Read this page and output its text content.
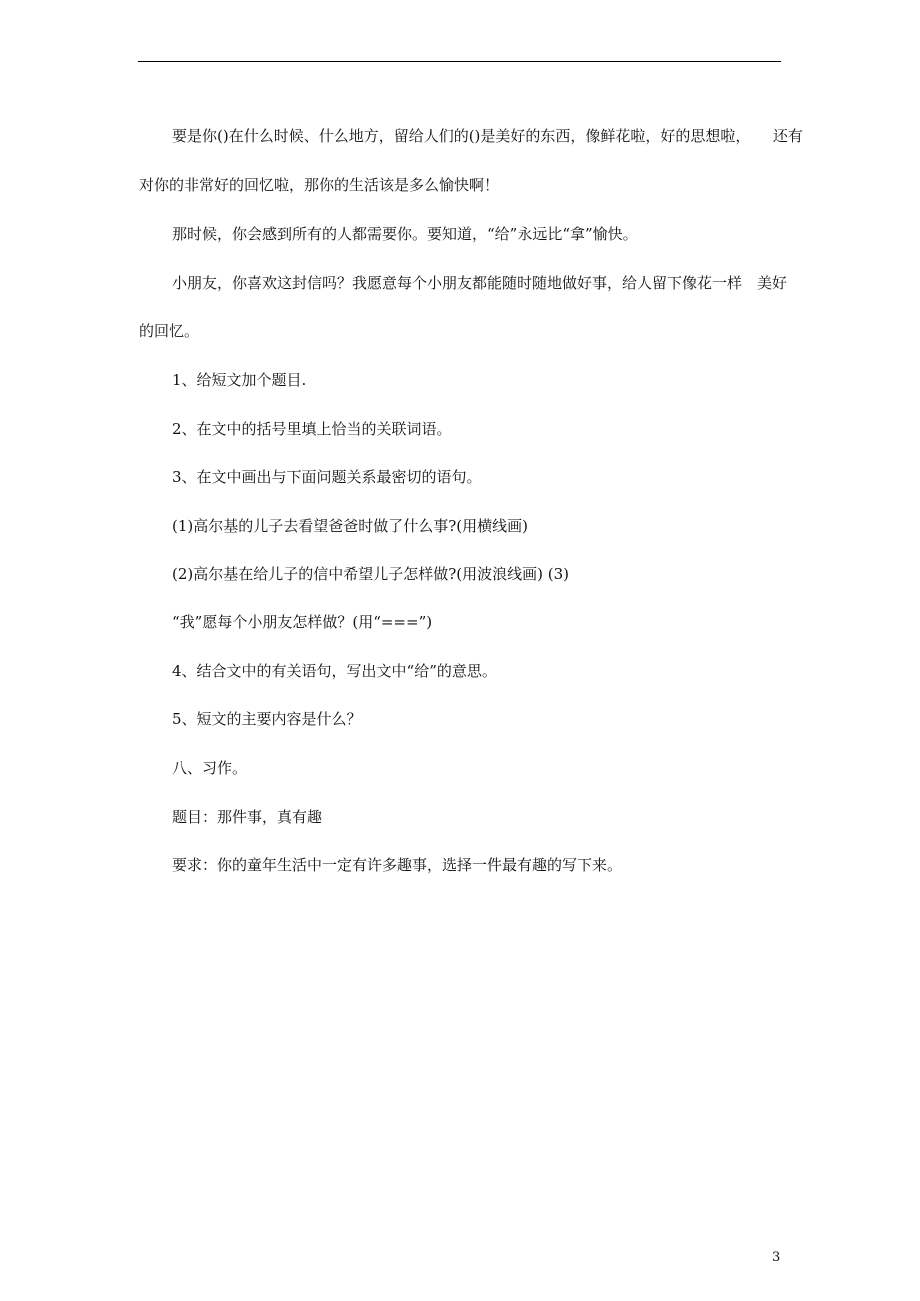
要是你()在什么时候、什么地方，留给人们的()是美好的东西，像鲜花啦，好的思想啦，　　还有
对你的非常好的回忆啦，那你的生活该是多么愉快啊！
那时候，你会感到所有的人都需要你。要知道，“给”永远比“拿”愉快。
小朋友，你喜欢这封信吗？我愿意每个小朋友都能随时随地做好事，给人留下像花一样　美好
的回忆。
1、给短文加个题目.
2、在文中的括号里填上恰当的关联词语。
3、在文中画出与下面问题关系最密切的语句。
(1)高尔基的儿子去看望爸爸时做了什么事?(用横线画)
(2)高尔基在给儿子的信中希望儿子怎样做?(用波浪线画) (3)
“我”愿每个小朋友怎样做？(用“===”)
4、结合文中的有关语句，写出文中“给”的意思。
5、短文的主要内容是什么？
八、习作。
题目：那件事，真有趣
要求：你的童年生活中一定有许多趣事，选择一件最有趣的写下来。
3
